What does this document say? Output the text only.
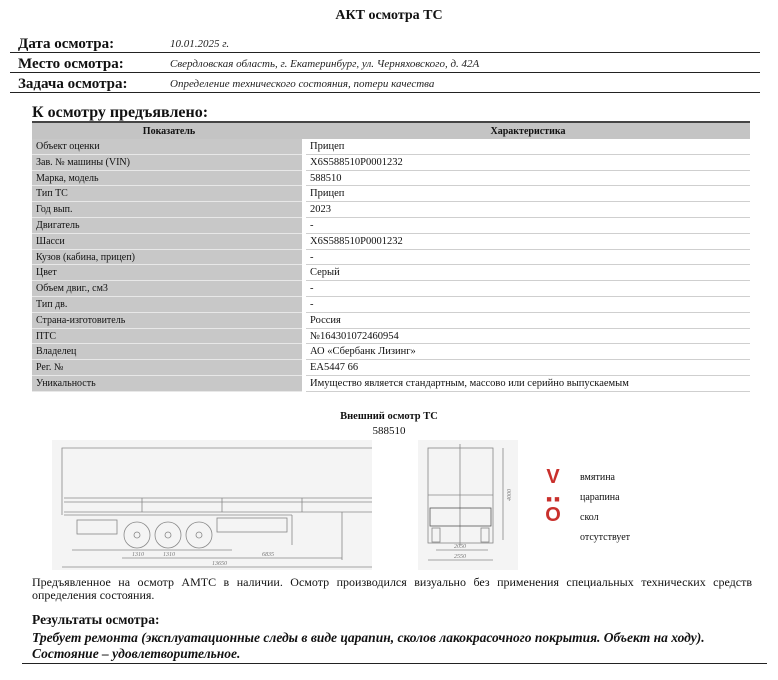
АКТ осмотра ТС
Дата осмотра:	10.01.2025 г.
Место осмотра:	Свердловская область, г. Екатеринбург, ул. Черняховского, д. 42А
Задача осмотра:	Определение технического состояния, потери качества
К осмотру предъявлено:
Показатель	Характеристика
Объект оценки	Прицеп
Зав. № машины (VIN)	X6S588510P0001232
Марка, модель	588510
Тип ТС	Прицеп
Год вып.	2023
Двигатель	-
Шасси	X6S588510P0001232
Кузов (кабина, прицеп)	-
Цвет	Серый
Объем двиг., см3	-
Тип дв.	-
Страна-изготовитель	Россия
ПТС	№164301072460954
Владелец	АО «Сбербанк Лизинг»
Рег. №	ЕА5447 66
Уникальность	Имущество является стандартным, массово или серийно выпускаемым
Внешний осмотр ТС
588510
1310	1310	6835
13650
4000
2050
2550
V	вмятина
■ ■	царапина
O	скол
отсутствует
Предъявленное на осмотр АМТС в наличии. Осмотр производился визуально без применения специальных технических средств определения состояния.
Результаты осмотра:
Требует ремонта (эксплуатационные следы в виде царапин, сколов лакокрасочного покрытия. Объект на ходу). Состояние – удовлетворительное.
